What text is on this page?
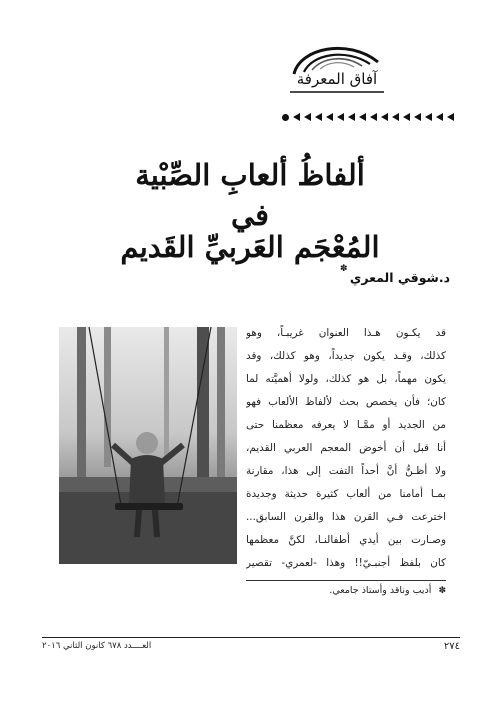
آفاق المعرفة
ألفاظُ ألعابِ الصِّبْية
في
المُعْجَم العَربيِّ القَديم
✽
د.شوقي المعري
قد يكـون هـذا العنوان غريبـاً، وهو
كذلك، وقـد يكون جديداً، وهو كذلك، وقد
يكون مهماً، بل هو كذلك، ولولا أهميَّته لما
كان؛ فأن يخصص بحث لألفاظ الألعاب فهو
من الجديد أو ممَّـا لا يعرفه معظمنا حتى
أنا قبل أن أخوض المعجم العربي القديم،
ولا أظـنُّ أنَّ أحداً التفت إلى هذا، مقارنة
بمـا أمامنا من ألعاب كثيرة حديثة وجديدة
اخترعت فـي القرن هذا والقرن السابق...
وصـارت بين أيدي أطفالنـا، لكنَّ معظمها
كان بلفظ أجنبـيّ!! وهذا -لعمري- تقصير
✽ أديب وناقد وأستاذ جامعي.
العــــدد ٦٧٨ كانون الثاني ٢٠١٦	٢٧٤
